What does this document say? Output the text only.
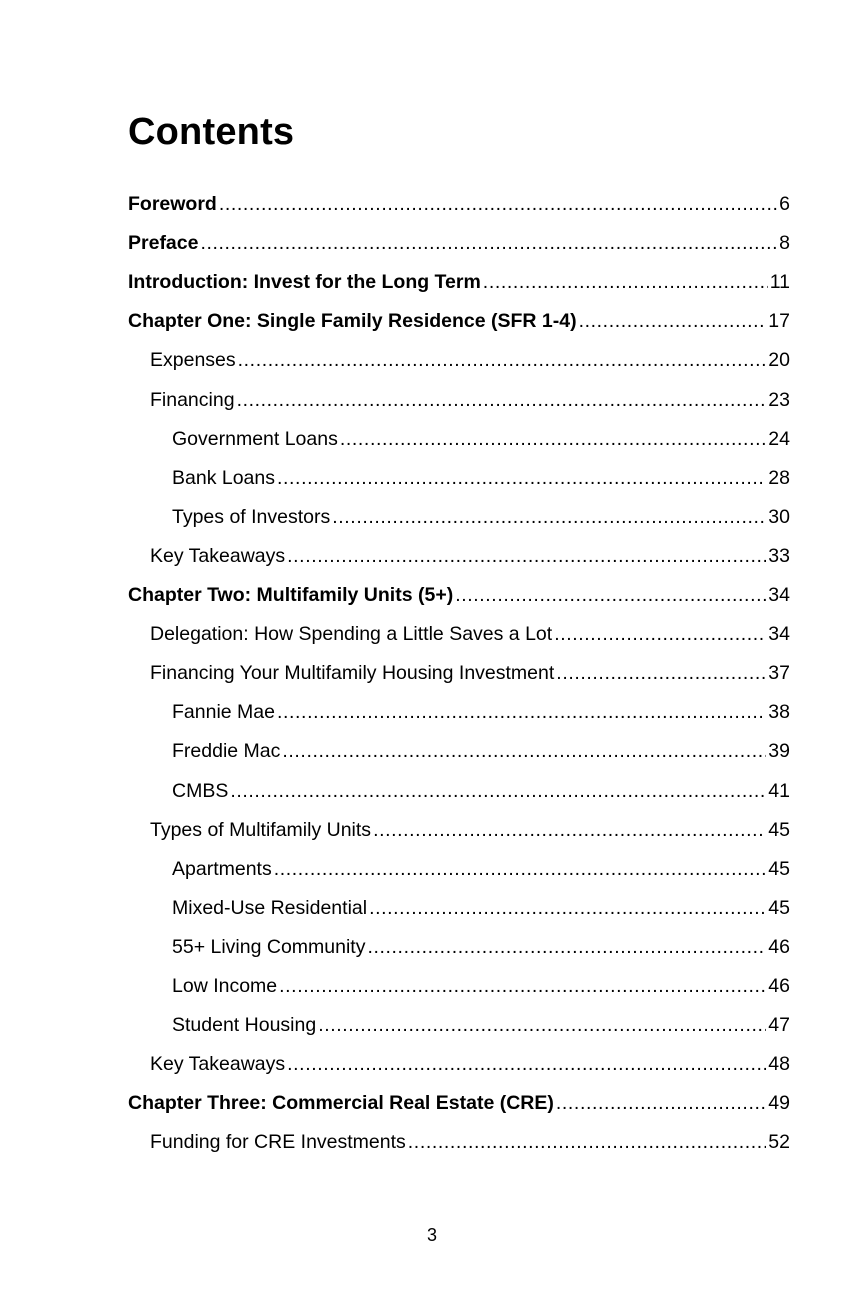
Contents
Foreword .....	6
Preface .....	8
Introduction: Invest for the Long Term .....	11
Chapter One: Single Family Residence (SFR 1-4) .....	17
Expenses .....	20
Financing .....	23
Government Loans .....	24
Bank Loans .....	28
Types of Investors .....	30
Key Takeaways .....	33
Chapter Two: Multifamily Units (5+) .....	34
Delegation: How Spending a Little Saves a Lot .....	34
Financing Your Multifamily Housing Investment .....	37
Fannie Mae .....	38
Freddie Mac .....	39
CMBS .....	41
Types of Multifamily Units .....	45
Apartments .....	45
Mixed-Use Residential .....	45
55+ Living Community .....	46
Low Income .....	46
Student Housing .....	47
Key Takeaways .....	48
Chapter Three: Commercial Real Estate (CRE) .....	49
Funding for CRE Investments .....	52
3
